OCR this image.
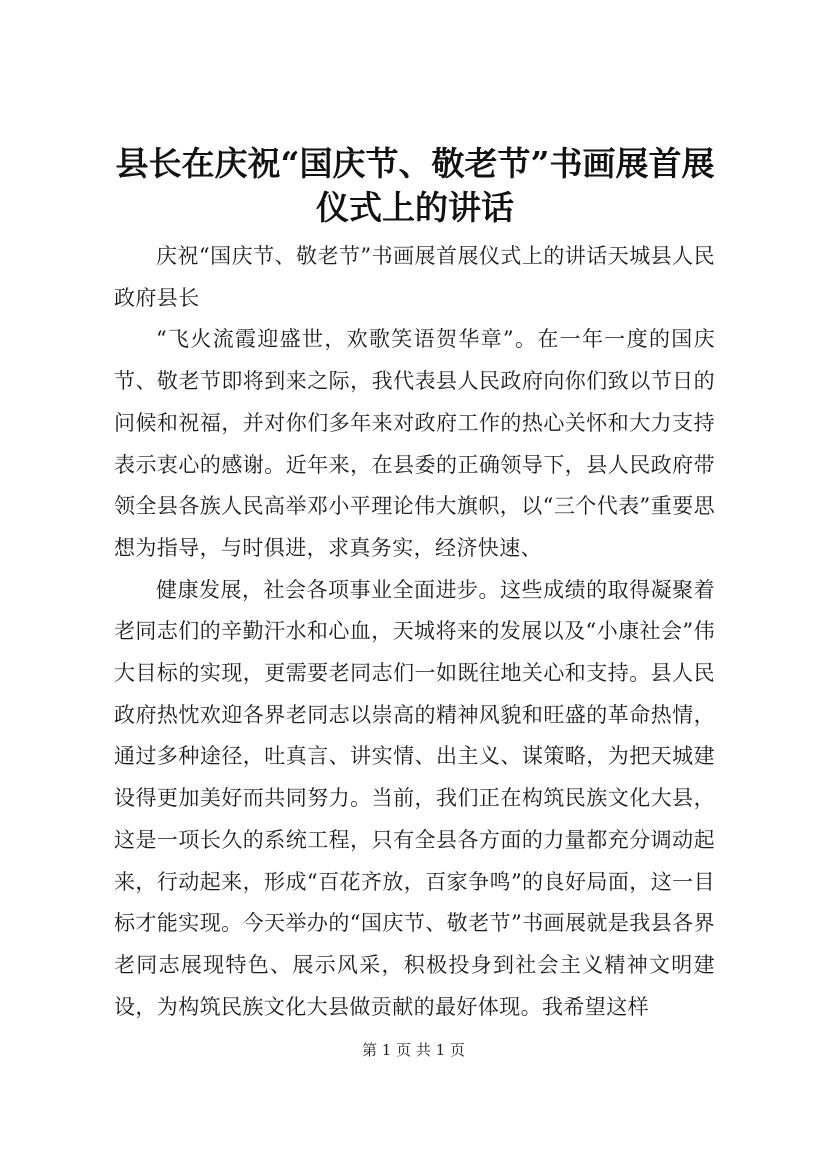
县长在庆祝“国庆节、敬老节”书画展首展仪式上的讲话

庆祝“国庆节、敬老节”书画展首展仪式上的讲话天城县人民政府县长

“飞火流霞迎盛世，欢歌笑语贺华章”。在一年一度的国庆节、敬老节即将到来之际，我代表县人民政府向你们致以节日的问候和祝福，并对你们多年来对政府工作的热心关怀和大力支持表示衷心的感谢。近年来，在县委的正确领导下，县人民政府带领全县各族人民高举邓小平理论伟大旗帜，以“三个代表”重要思想为指导，与时俱进，求真务实，经济快速、

健康发展，社会各项事业全面进步。这些成绩的取得凝聚着老同志们的辛勤汗水和心血，天城将来的发展以及“小康社会”伟大目标的实现，更需要老同志们一如既往地关心和支持。县人民政府热忱欢迎各界老同志以崇高的精神风貌和旺盛的革命热情，通过多种途径，吐真言、讲实情、出主义、谋策略，为把天城建设得更加美好而共同努力。当前，我们正在构筑民族文化大县，这是一项长久的系统工程，只有全县各方面的力量都充分调动起来，行动起来，形成“百花齐放，百家争鸣”的良好局面，这一目标才能实现。今天举办的“国庆节、敬老节”书画展就是我县各界老同志展现特色、展示风采，积极投身到社会主义精神文明建设，为构筑民族文化大县做贡献的最好体现。我希望这样

第 1 页 共 1 页
